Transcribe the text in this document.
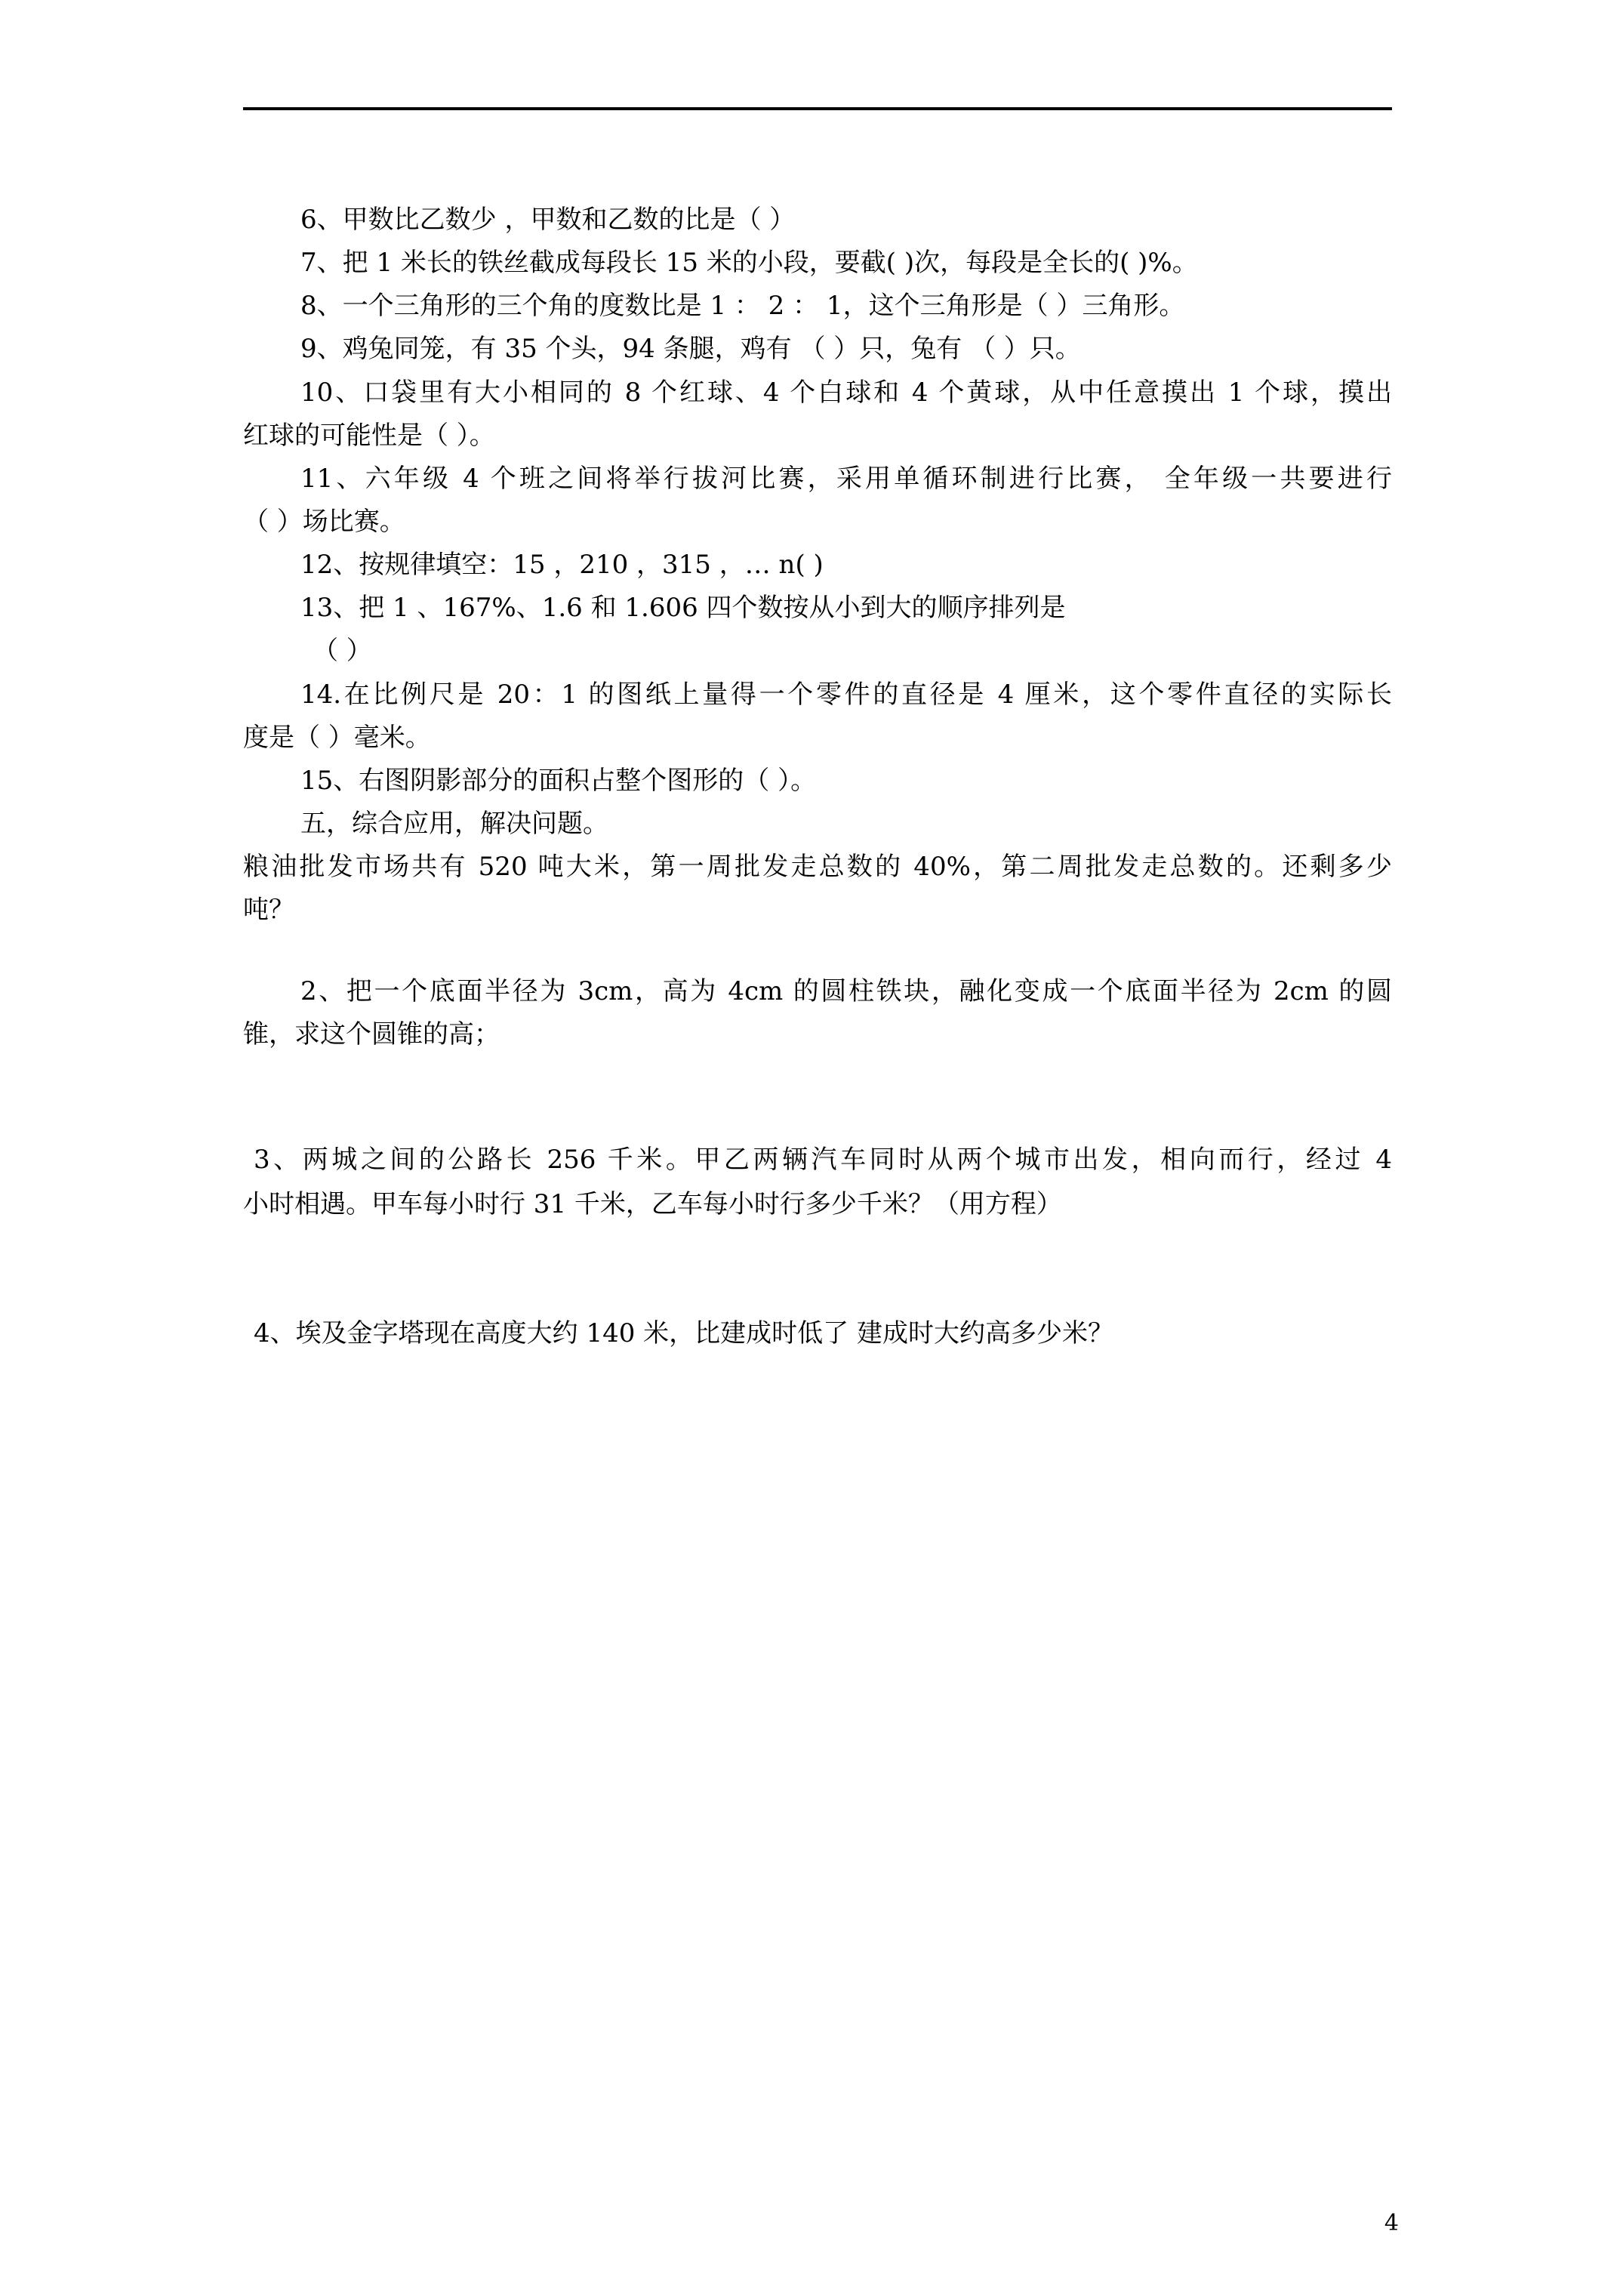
6、甲数比乙数少 ，甲数和乙数的比是（ ）
7、把 1 米长的铁丝截成每段长 15 米的小段，要截( )次，每段是全长的( )%。
8、一个三角形的三个角的度数比是 1 ： 2 ： 1，这个三角形是（ ）三角形。
9、鸡兔同笼，有 35 个头，94 条腿，鸡有 （ ）只，兔有 （ ）只。
10、口袋里有大小相同的 8 个红球、4 个白球和 4 个黄球，从中任意摸出 1 个球，摸出
红球的可能性是（ ）。
11、六年级 4 个班之间将举行拔河比赛，采用单循环制进行比赛， 全年级一共要进行
（ ）场比赛。
12、按规律填空：15 ，210 ，315 ，… n( )
13、把 1 、167%、1.6 和 1.606 四个数按从小到大的顺序排列是
（ ）
14.在比例尺是 20：1 的图纸上量得一个零件的直径是 4 厘米，这个零件直径的实际长
度是（ ）毫米。
15、右图阴影部分的面积占整个图形的（ ）。
五，综合应用，解决问题。
粮油批发市场共有 520 吨大米，第一周批发走总数的 40%，第二周批发走总数的。还剩多少
吨？
2、把一个底面半径为 3cm，高为 4cm 的圆柱铁块，融化变成一个底面半径为 2cm 的圆
锥，求这个圆锥的高；
3、两城之间的公路长 256 千米。甲乙两辆汽车同时从两个城市出发，相向而行，经过 4
小时相遇。甲车每小时行 31 千米，乙车每小时行多少千米？（用方程）
4、埃及金字塔现在高度大约 140 米，比建成时低了 建成时大约高多少米？
4
